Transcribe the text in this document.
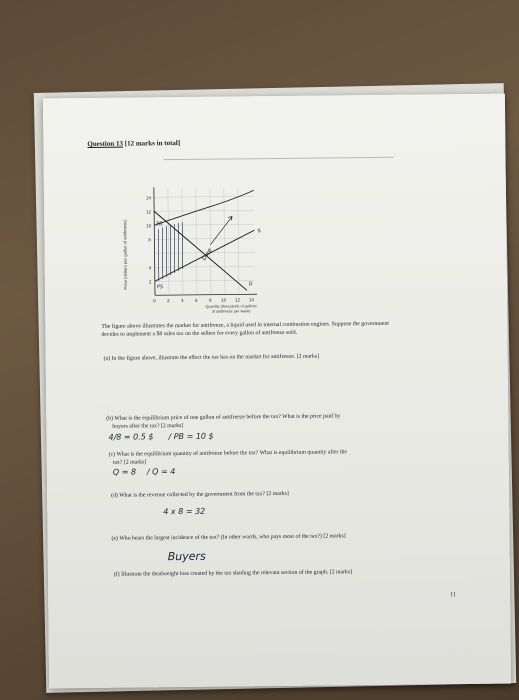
Question 13 [12 marks in total]
Price (dollars per gallon of antifreeze)
14
12
10
8
4
2
0	2	4	6	8 10 12 14
Quantity (thousands of gallons
of antifreeze per week)
S
D
PB
PS
Dwe
The figure above illustrates the market for antifreeze, a liquid used in internal combustion engines. Suppose the government decides to implement a $8 sales tax on the sellers for every gallon of antifreeze sold.
(a) In the figure above, illustrate the effect the tax has on the market for antifreeze. [2 marks]
(b) What is the equilibrium price of one gallon of antifreeze before the tax? What is the price paid by
buyers after the tax? [2 marks]
4/8 = 0.5 $ / PB = 10 $
(c) What is the equilibrium quantity of antifreeze before the tax? What is equilibrium quantity after the
tax? [2 marks]
Q = 8 / Q = 4
(d) What is the revenue collected by the government from the tax? [2 marks]
4 x 8 = 32
(e) Who bears the largest incidence of the tax? (In other words, who pays most of the tax?) [2 marks]
Buyers
(f) Illustrate the deadweight loss created by the tax shading the relevant section of the graph. [2 marks]
11
